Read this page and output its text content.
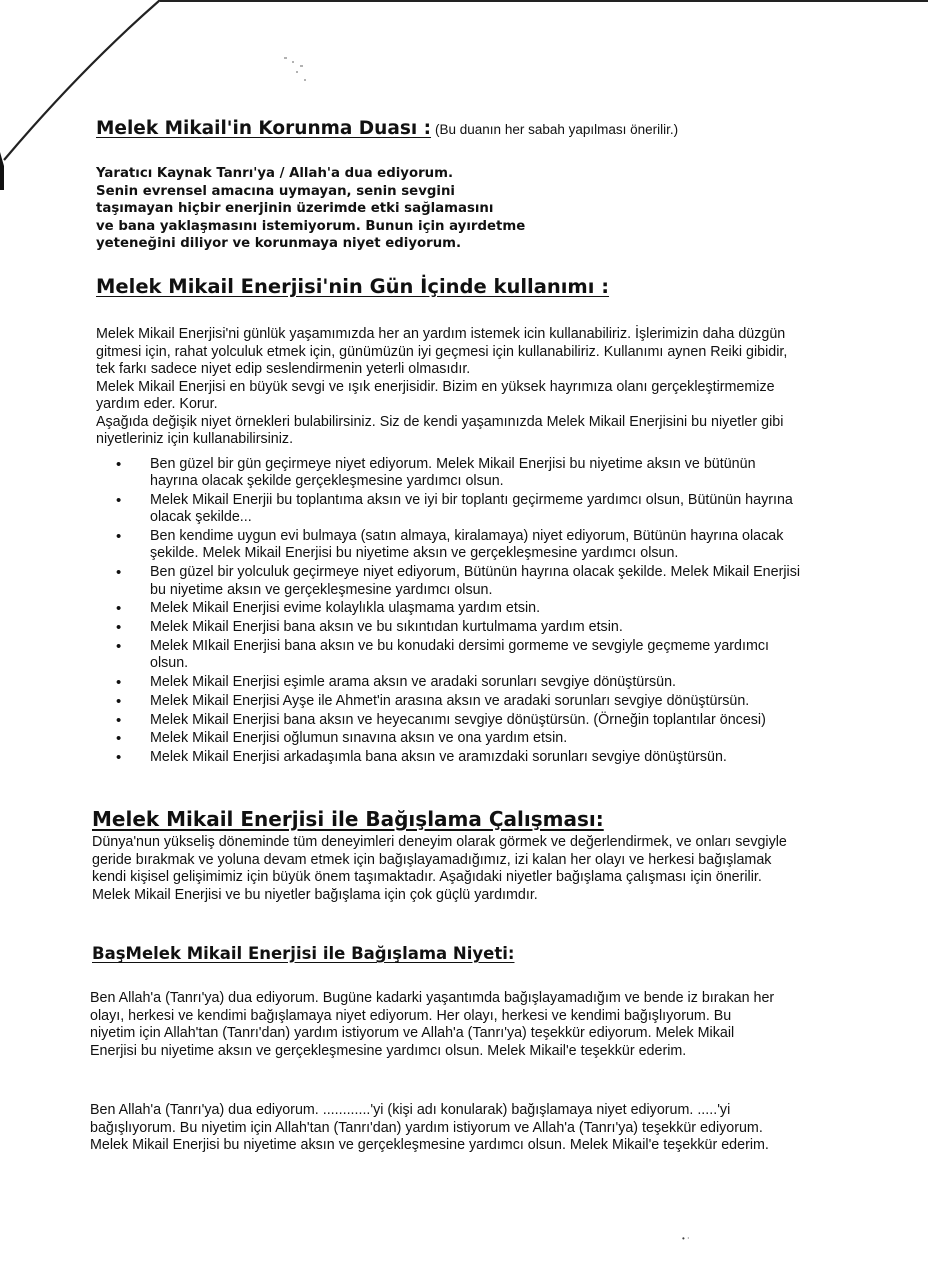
Melek Mikail'in Korunma Duası : (Bu duanın her sabah yapılması önerilir.)
Yaratıcı Kaynak Tanrı'ya / Allah'a dua ediyorum.
Senin evrensel amacına uymayan, senin sevgini
taşımayan hiçbir enerjinin üzerimde etki sağlamasını
ve bana yaklaşmasını istemiyorum. Bunun için ayırdetme
yeteneğini diliyor ve korunmaya niyet ediyorum.
Melek Mikail Enerjisi'nin Gün İçinde kullanımı :

Melek Mikail Enerjisi'ni günlük yaşamımızda her an yardım istemek icin kullanabiliriz. İşlerimizin daha düzgün gitmesi için, rahat yolculuk etmek için, günümüzün iyi geçmesi için kullanabiliriz. Kullanımı aynen Reiki gibidir, tek farkı sadece niyet edip seslendirmenin yeterli olmasıdır.

Melek Mikail Enerjisi en büyük sevgi ve ışık enerjisidir. Bizim en yüksek hayrımıza olanı gerçekleştirmemize yardım eder. Korur.

Aşağıda değişik niyet örnekleri bulabilirsiniz. Siz de kendi yaşamınızda Melek Mikail Enerjisini bu niyetler gibi niyetleriniz için kullanabilirsiniz.

• Ben güzel bir gün geçirmeye niyet ediyorum. Melek Mikail Enerjisi bu niyetime aksın ve bütünün hayrına olacak şekilde gerçekleşmesine yardımcı olsun.
• Melek Mikail Enerjii bu toplantıma aksın ve iyi bir toplantı geçirmeme yardımcı olsun, Bütünün hayrına olacak şekilde...
• Ben kendime uygun evi bulmaya (satın almaya, kiralamaya) niyet ediyorum, Bütünün hayrına olacak şekilde. Melek Mikail Enerjisi bu niyetime aksın ve gerçekleşmesine yardımcı olsun.
• Ben güzel bir yolculuk geçirmeye niyet ediyorum, Bütünün hayrına olacak şekilde. Melek Mikail Enerjisi bu niyetime aksın ve gerçekleşmesine yardımcı olsun.
• Melek Mikail Enerjisi evime kolaylıkla ulaşmama yardım etsin.
• Melek Mikail Enerjisi bana aksın ve bu sıkıntıdan kurtulmama yardım etsin.
• Melek MIkail Enerjisi bana aksın ve bu konudaki dersimi gormeme ve sevgiyle geçmeme yardımcı olsun.
• Melek Mikail Enerjisi eşimle arama aksın ve aradaki sorunları sevgiye dönüştürsün.
• Melek Mikail Enerjisi Ayşe ile Ahmet'in arasına aksın ve aradaki sorunları sevgiye dönüştürsün.
• Melek Mikail Enerjisi bana aksın ve heyecanımı sevgiye dönüştürsün. (Örneğin toplantılar öncesi)
• Melek Mikail Enerjisi oğlumun sınavına aksın ve ona yardım etsin.
• Melek Mikail Enerjisi arkadaşımla bana aksın ve aramızdaki sorunları sevgiye dönüştürsün.
Melek Mikail Enerjisi ile Bağışlama Çalışması:

Dünya'nun yükseliş döneminde tüm deneyimleri deneyim olarak görmek ve değerlendirmek, ve onları sevgiyle geride bırakmak ve yoluna devam etmek için bağışlayamadığımız, izi kalan her olayı ve herkesi bağışlamak kendi kişisel gelişimimiz için büyük önem taşımaktadır. Aşağıdaki niyetler bağışlama çalışması için önerilir. Melek Mikail Enerjisi ve bu niyetler bağışlama için çok güçlü yardımdır.

BaşMelek Mikail Enerjisi ile Bağışlama Niyeti:

Ben Allah'a (Tanrı'ya) dua ediyorum. Bugüne kadarki yaşantımda bağışlayamadığım ve bende iz bırakan her olayı, herkesi ve kendimi bağışlamaya niyet ediyorum. Her olayı, herkesi ve kendimi bağışlıyorum. Bu niyetim için Allah'tan (Tanrı'dan) yardım istiyorum ve Allah'a (Tanrı'ya) teşekkür ediyorum. Melek Mikail Enerjisi bu niyetime aksın ve gerçekleşmesine yardımcı olsun. Melek Mikail'e teşekkür ederim.

Ben Allah'a (Tanrı'ya) dua ediyorum. ............'yi (kişi adı konularak) bağışlamaya niyet ediyorum. .....'yi bağışlıyorum. Bu niyetim için Allah'tan (Tanrı'dan) yardım istiyorum ve Allah'a (Tanrı'ya) teşekkür ediyorum. Melek Mikail Enerjisi bu niyetime aksın ve gerçekleşmesine yardımcı olsun. Melek Mikail'e teşekkür ederim.

• ⋅
